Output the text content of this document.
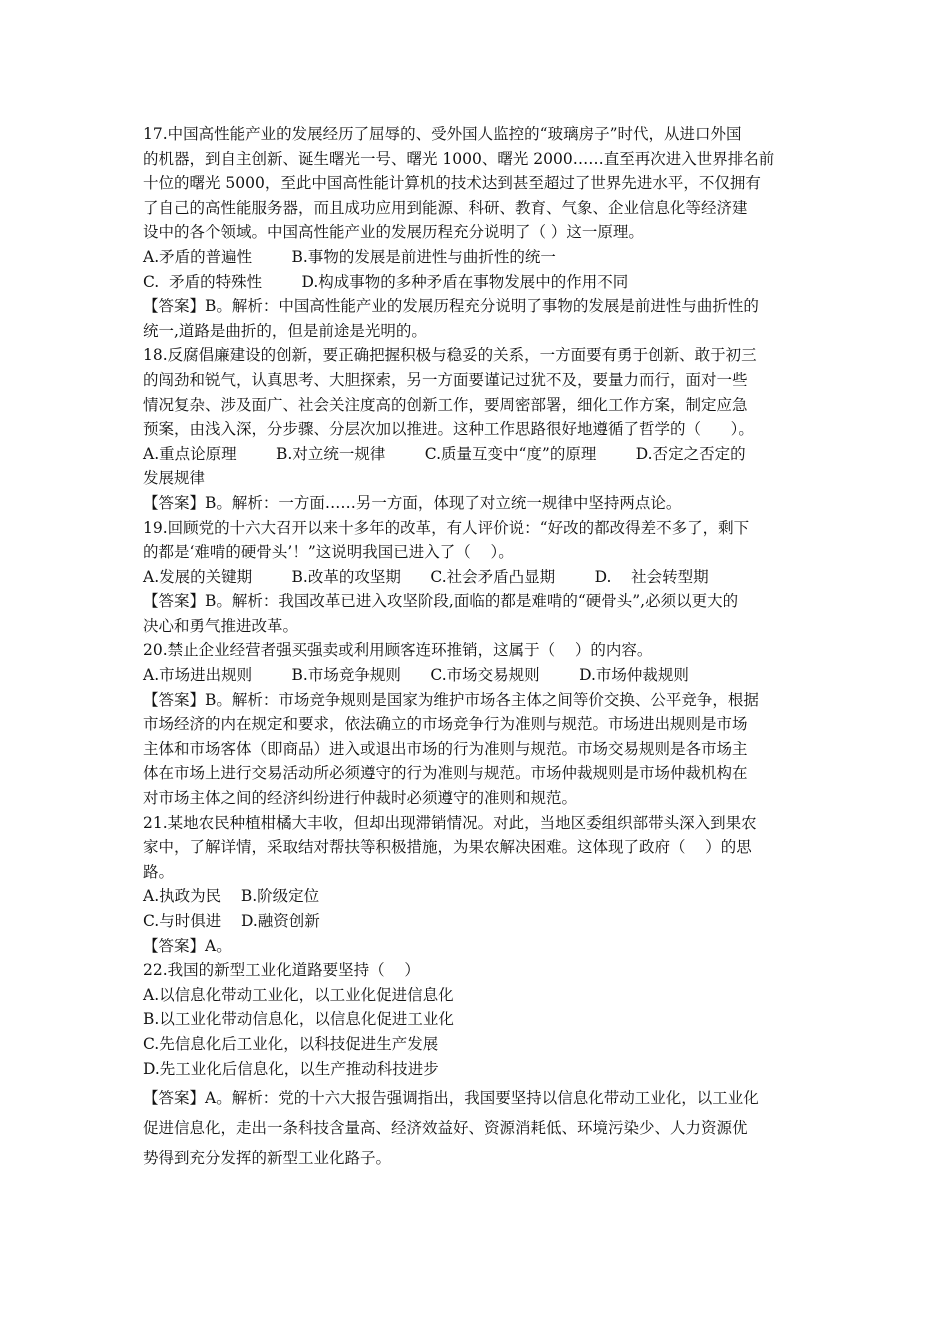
17.中国高性能产业的发展经历了屈辱的、受外国人监控的“玻璃房子”时代，从进口外国
的机器，到自主创新、诞生曙光一号、曙光 1000、曙光 2000……直至再次进入世界排名前
十位的曙光 5000，至此中国高性能计算机的技术达到甚至超过了世界先进水平，不仅拥有
了自己的高性能服务器，而且成功应用到能源、科研、教育、气象、企业信息化等经济建
设中的各个领域。中国高性能产业的发展历程充分说明了（ ）这一原理。
A.矛盾的普遍性        B.事物的发展是前进性与曲折性的统一
C.  矛盾的特殊性        D.构成事物的多种矛盾在事物发展中的作用不同
【答案】B。解析：中国高性能产业的发展历程充分说明了事物的发展是前进性与曲折性的
统一,道路是曲折的，但是前途是光明的。
18.反腐倡廉建设的创新，要正确把握积极与稳妥的关系，一方面要有勇于创新、敢于初三
的闯劲和锐气，认真思考、大胆探索，另一方面要谨记过犹不及，要量力而行，面对一些
情况复杂、涉及面广、社会关注度高的创新工作，要周密部署，细化工作方案，制定应急
预案，由浅入深，分步骤、分层次加以推进。这种工作思路很好地遵循了哲学的（      ）。
A.重点论原理        B.对立统一规律        C.质量互变中“度”的原理        D.否定之否定的
发展规律
【答案】B。解析：一方面……另一方面，体现了对立统一规律中坚持两点论。
19.回顾党的十六大召开以来十多年的改革，有人评价说：“好改的都改得差不多了，剩下
的都是‘难啃的硬骨头’！”这说明我国已进入了（    ）。
A.发展的关键期        B.改革的攻坚期      C.社会矛盾凸显期        D.    社会转型期
【答案】B。解析：我国改革已进入攻坚阶段,面临的都是难啃的“硬骨头”,必须以更大的
决心和勇气推进改革。
20.禁止企业经营者强买强卖或利用顾客连环推销，这属于（    ）的内容。
A.市场进出规则        B.市场竞争规则      C.市场交易规则        D.市场仲裁规则
【答案】B。解析：市场竞争规则是国家为维护市场各主体之间等价交换、公平竞争，根据
市场经济的内在规定和要求，依法确立的市场竞争行为准则与规范。市场进出规则是市场
主体和市场客体（即商品）进入或退出市场的行为准则与规范。市场交易规则是各市场主
体在市场上进行交易活动所必须遵守的行为准则与规范。市场仲裁规则是市场仲裁机构在
对市场主体之间的经济纠纷进行仲裁时必须遵守的准则和规范。
21.某地农民种植柑橘大丰收，但却出现滞销情况。对此，当地区委组织部带头深入到果农
家中，了解详情，采取结对帮扶等积极措施，为果农解决困难。这体现了政府（    ）的思
路。
A.执政为民    B.阶级定位
C.与时俱进    D.融资创新
【答案】A。
22.我国的新型工业化道路要坚持（    ）
A.以信息化带动工业化，以工业化促进信息化
B.以工业化带动信息化，以信息化促进工业化
C.先信息化后工业化，以科技促进生产发展
D.先工业化后信息化，以生产推动科技进步
【答案】A。解析：党的十六大报告强调指出，我国要坚持以信息化带动工业化，以工业化
促进信息化，走出一条科技含量高、经济效益好、资源消耗低、环境污染少、人力资源优
势得到充分发挥的新型工业化路子。
